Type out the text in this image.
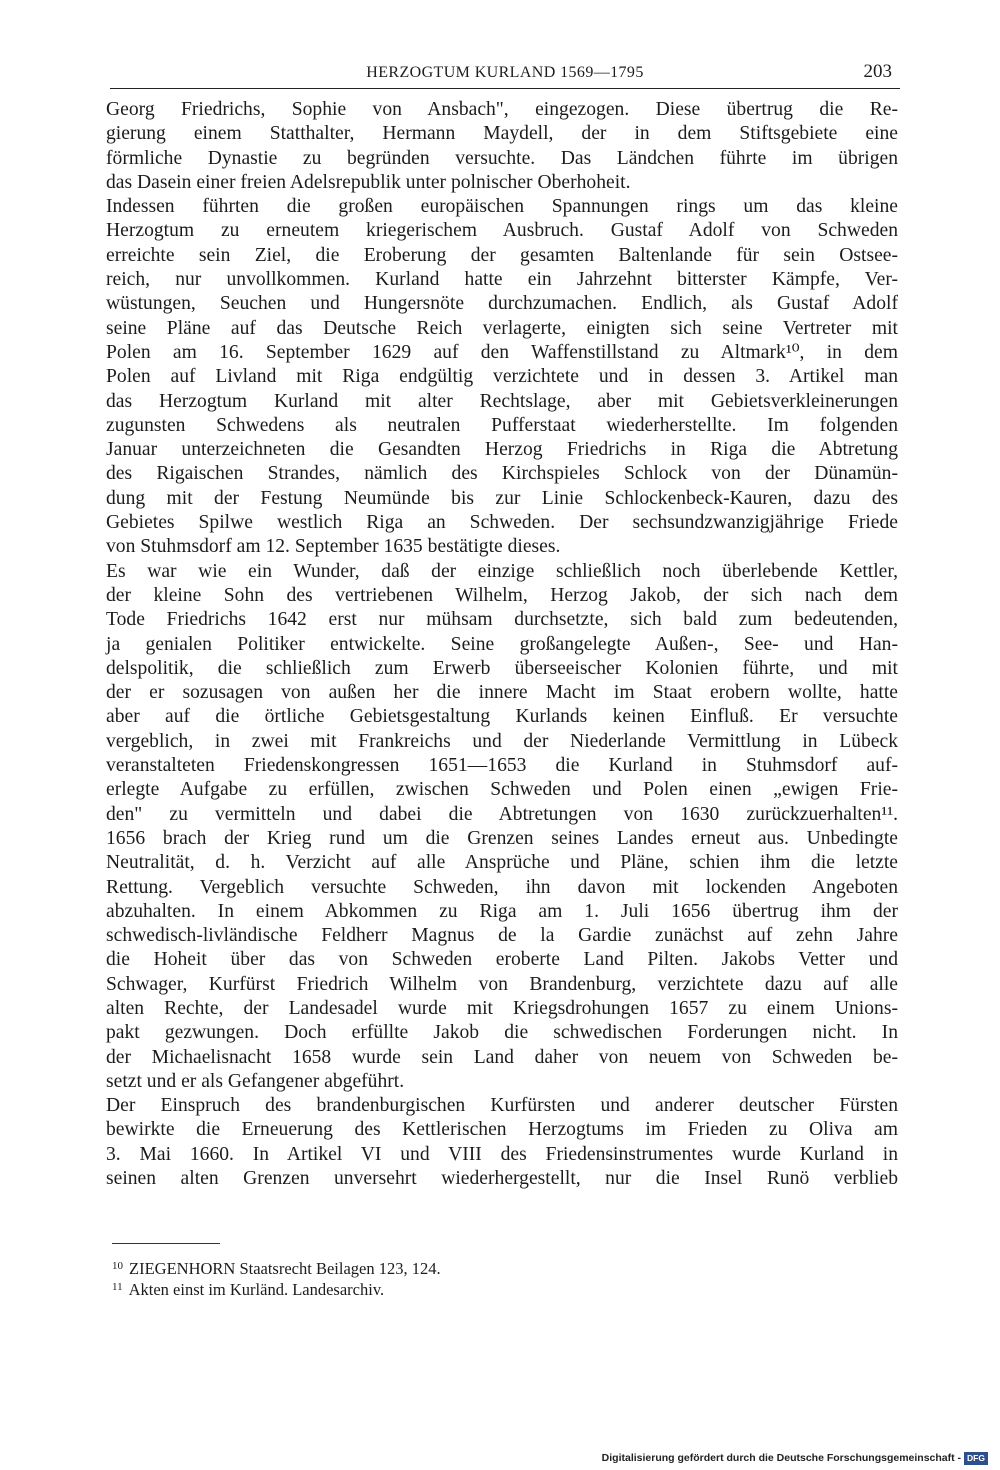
HERZOGTUM KURLAND 1569—1795	203
Georg Friedrichs, Sophie von Ansbach", eingezogen. Diese übertrug die Re-
gierung einem Statthalter, Hermann Maydell, der in dem Stiftsgebiete eine
förmliche Dynastie zu begründen versuchte. Das Ländchen führte im übrigen
das Dasein einer freien Adelsrepublik unter polnischer Oberhoheit.
Indessen führten die großen europäischen Spannungen rings um das kleine
Herzogtum zu erneutem kriegerischem Ausbruch. Gustaf Adolf von Schweden
erreichte sein Ziel, die Eroberung der gesamten Baltenlande für sein Ostsee-
reich, nur unvollkommen. Kurland hatte ein Jahrzehnt bitterster Kämpfe, Ver-
wüstungen, Seuchen und Hungersnöte durchzumachen. Endlich, als Gustaf Adolf
seine Pläne auf das Deutsche Reich verlagerte, einigten sich seine Vertreter mit
Polen am 16. September 1629 auf den Waffenstillstand zu Altmark¹⁰, in dem
Polen auf Livland mit Riga endgültig verzichtete und in dessen 3. Artikel man
das Herzogtum Kurland mit alter Rechtslage, aber mit Gebietsverkleinerungen
zugunsten Schwedens als neutralen Pufferstaat wiederherstellte. Im folgenden
Januar unterzeichneten die Gesandten Herzog Friedrichs in Riga die Abtretung
des Rigaischen Strandes, nämlich des Kirchspieles Schlock von der Dünamün-
dung mit der Festung Neumünde bis zur Linie Schlockenbeck-Kauren, dazu des
Gebietes Spilwe westlich Riga an Schweden. Der sechsundzwanzigjährige Friede
von Stuhmsdorf am 12. September 1635 bestätigte dieses.
Es war wie ein Wunder, daß der einzige schließlich noch überlebende Kettler,
der kleine Sohn des vertriebenen Wilhelm, Herzog Jakob, der sich nach dem
Tode Friedrichs 1642 erst nur mühsam durchsetzte, sich bald zum bedeutenden,
ja genialen Politiker entwickelte. Seine großangelegte Außen-, See- und Han-
delspolitik, die schließlich zum Erwerb überseeischer Kolonien führte, und mit
der er sozusagen von außen her die innere Macht im Staat erobern wollte, hatte
aber auf die örtliche Gebietsgestaltung Kurlands keinen Einfluß. Er versuchte
vergeblich, in zwei mit Frankreichs und der Niederlande Vermittlung in Lübeck
veranstalteten Friedenskongressen 1651—1653 die Kurland in Stuhmsdorf auf-
erlegte Aufgabe zu erfüllen, zwischen Schweden und Polen einen „ewigen Frie-
den" zu vermitteln und dabei die Abtretungen von 1630 zurückzuerhalten¹¹.
1656 brach der Krieg rund um die Grenzen seines Landes erneut aus. Unbedingte
Neutralität, d. h. Verzicht auf alle Ansprüche und Pläne, schien ihm die letzte
Rettung. Vergeblich versuchte Schweden, ihn davon mit lockenden Angeboten
abzuhalten. In einem Abkommen zu Riga am 1. Juli 1656 übertrug ihm der
schwedisch-livländische Feldherr Magnus de la Gardie zunächst auf zehn Jahre
die Hoheit über das von Schweden eroberte Land Pilten. Jakobs Vetter und
Schwager, Kurfürst Friedrich Wilhelm von Brandenburg, verzichtete dazu auf alle
alten Rechte, der Landesadel wurde mit Kriegsdrohungen 1657 zu einem Unions-
pakt gezwungen. Doch erfüllte Jakob die schwedischen Forderungen nicht. In
der Michaelisnacht 1658 wurde sein Land daher von neuem von Schweden be-
setzt und er als Gefangener abgeführt.
Der Einspruch des brandenburgischen Kurfürsten und anderer deutscher Fürsten
bewirkte die Erneuerung des Kettlerischen Herzogtums im Frieden zu Oliva am
3. Mai 1660. In Artikel VI und VIII des Friedensinstrumentes wurde Kurland in
seinen alten Grenzen unversehrt wiederhergestellt, nur die Insel Runö verblieb
$^{10}$ ZIEGENHORN Staatsrecht Beilagen 123, 124.
$^{11}$ Akten einst im Kurländ. Landesarchiv.
Digitalisierung gefördert durch die Deutsche Forschungsgemeinschaft - DFG
